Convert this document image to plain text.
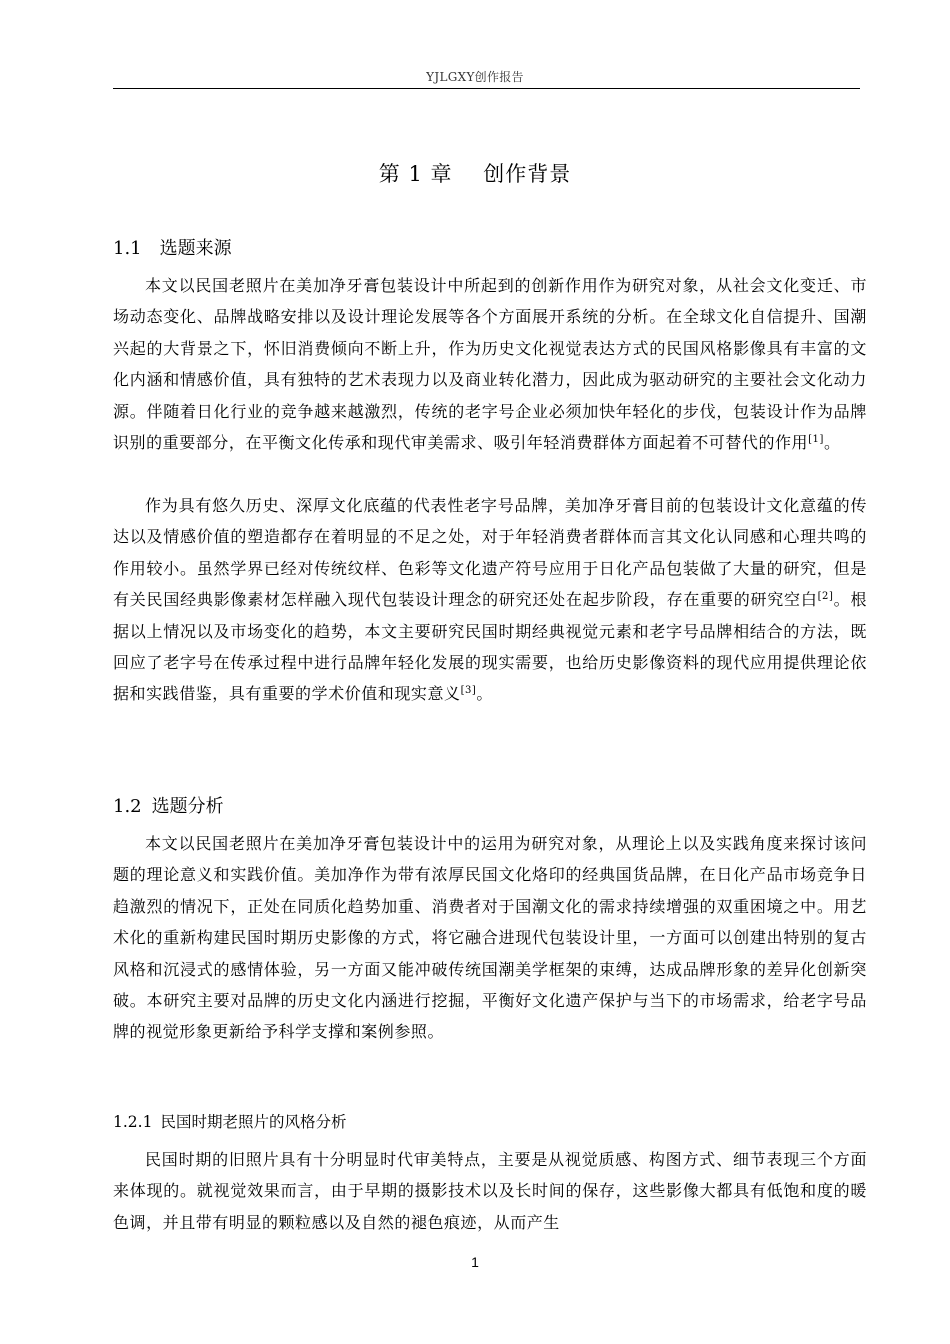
YJLGXY创作报告
第 1 章    创作背景
1.1 选题来源

本文以民国老照片在美加净牙膏包装设计中所起到的创新作用作为研究对象，从社会文化变迁、市场动态变化、品牌战略安排以及设计理论发展等各个方面展开系统的分析。在全球文化自信提升、国潮兴起的大背景之下，怀旧消费倾向不断上升，作为历史文化视觉表达方式的民国风格影像具有丰富的文化内涵和情感价值，具有独特的艺术表现力以及商业转化潜力，因此成为驱动研究的主要社会文化动力源。伴随着日化行业的竞争越来越激烈，传统的老字号企业必须加快年轻化的步伐，包装设计作为品牌识别的重要部分，在平衡文化传承和现代审美需求、吸引年轻消费群体方面起着不可替代的作用[1]。

作为具有悠久历史、深厚文化底蕴的代表性老字号品牌，美加净牙膏目前的包装设计文化意蕴的传达以及情感价值的塑造都存在着明显的不足之处，对于年轻消费者群体而言其文化认同感和心理共鸣的作用较小。虽然学界已经对传统纹样、色彩等文化遗产符号应用于日化产品包装做了大量的研究，但是有关民国经典影像素材怎样融入现代包装设计理念的研究还处在起步阶段，存在重要的研究空白[2]。根据以上情况以及市场变化的趋势，本文主要研究民国时期经典视觉元素和老字号品牌相结合的方法，既回应了老字号在传承过程中进行品牌年轻化发展的现实需要，也给历史影像资料的现代应用提供理论依据和实践借鉴，具有重要的学术价值和现实意义[3]。

1.2 选题分析

本文以民国老照片在美加净牙膏包装设计中的运用为研究对象，从理论上以及实践角度来探讨该问题的理论意义和实践价值。美加净作为带有浓厚民国文化烙印的经典国货品牌，在日化产品市场竞争日趋激烈的情况下，正处在同质化趋势加重、消费者对于国潮文化的需求持续增强的双重困境之中。用艺术化的重新构建民国时期历史影像的方式，将它融合进现代包装设计里，一方面可以创建出特别的复古风格和沉浸式的感情体验，另一方面又能冲破传统国潮美学框架的束缚，达成品牌形象的差异化创新突破。本研究主要对品牌的历史文化内涵进行挖掘，平衡好文化遗产保护与当下的市场需求，给老字号品牌的视觉形象更新给予科学支撑和案例参照。

1.2.1 民国时期老照片的风格分析

民国时期的旧照片具有十分明显时代审美特点，主要是从视觉质感、构图方式、细节表现三个方面来体现的。就视觉效果而言，由于早期的摄影技术以及长时间的保存，这些影像大都具有低饱和度的暖色调，并且带有明显的颗粒感以及自然的褪色痕迹，从而产生

1
